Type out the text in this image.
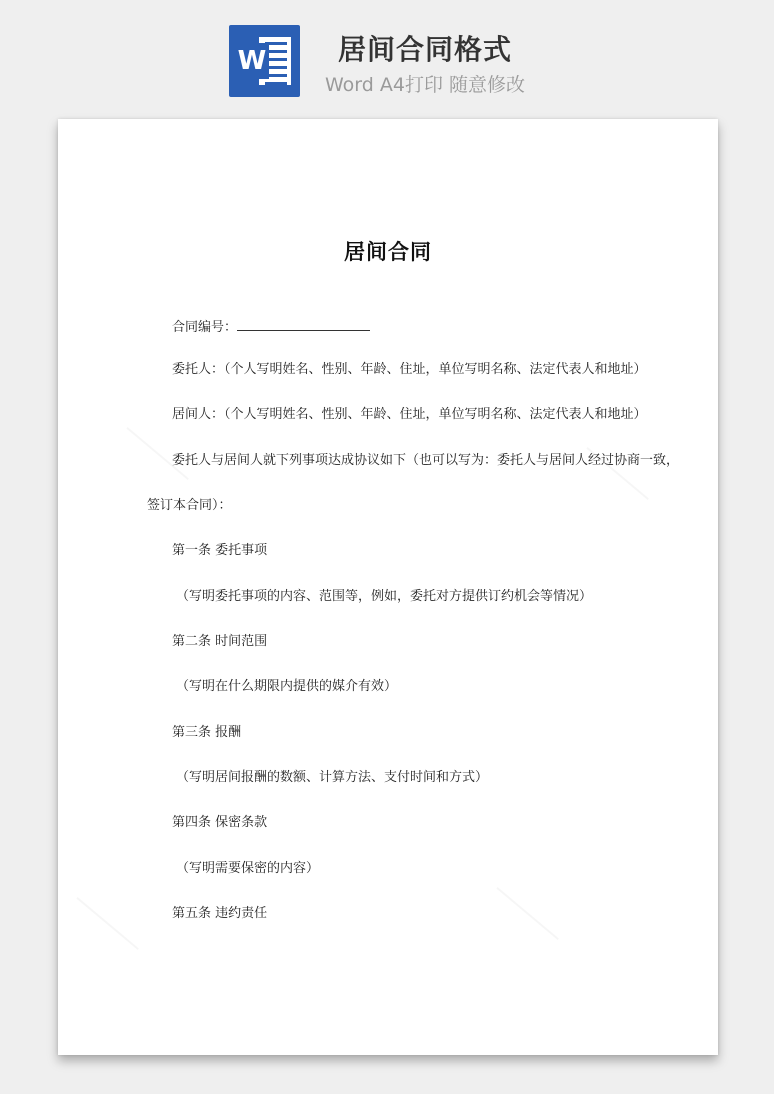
W	居间合同格式
Word A4打印 随意修改
居间合同
合同编号：
委托人：（个人写明姓名、性别、年龄、住址，单位写明名称、法定代表人和地址）
居间人：（个人写明姓名、性别、年龄、住址，单位写明名称、法定代表人和地址）
委托人与居间人就下列事项达成协议如下（也可以写为：委托人与居间人经过协商一致，
签订本合同）：
第一条 委托事项
（写明委托事项的内容、范围等，例如，委托对方提供订约机会等情况）
第二条 时间范围
（写明在什么期限内提供的媒介有效）
第三条 报酬
（写明居间报酬的数额、计算方法、支付时间和方式）
第四条 保密条款
（写明需要保密的内容）
第五条 违约责任
